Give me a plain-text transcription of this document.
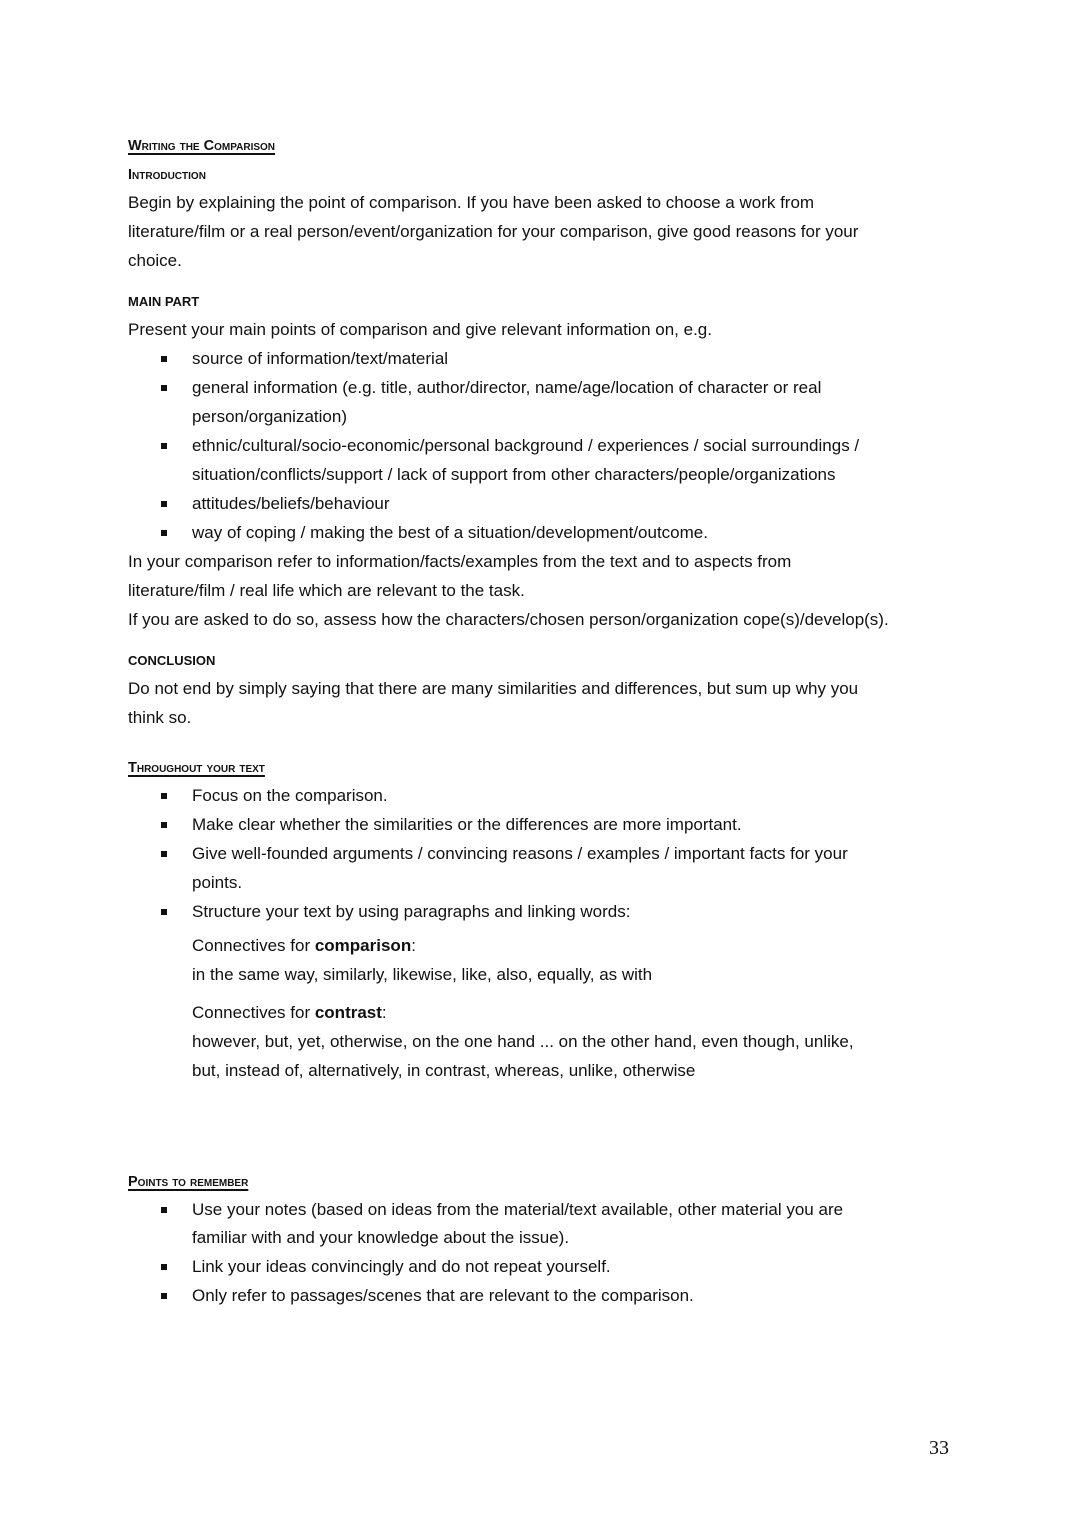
Writing the Comparison
Introduction
Begin by explaining the point of comparison. If you have been asked to choose a work from
literature/film or a real person/event/organization for your comparison, give good reasons for your
choice.
MAIN PART
Present your main points of comparison and give relevant information on, e.g.
source of information/text/material
general information (e.g. title, author/director, name/age/location of character or real
person/organization)
ethnic/cultural/socio-economic/personal background / experiences / social surroundings /
situation/conflicts/support / lack of support from other characters/people/organizations
attitudes/beliefs/behaviour
way of coping / making the best of a situation/development/outcome.
In your comparison refer to information/facts/examples from the text and to aspects from
literature/film / real life which are relevant to the task.
If you are asked to do so, assess how the characters/chosen person/organization cope(s)/develop(s).
CONCLUSION
Do not end by simply saying that there are many similarities and differences, but sum up why you
think so.
Throughout your text
Focus on the comparison.
Make clear whether the similarities or the differences are more important.
Give well-founded arguments / convincing reasons / examples / important facts for your
points.
Structure your text by using paragraphs and linking words:
Connectives for comparison:
in the same way, similarly, likewise, like, also, equally, as with
Connectives for contrast:
however, but, yet, otherwise, on the one hand ... on the other hand, even though, unlike,
but, instead of, alternatively, in contrast, whereas, unlike, otherwise
Points to remember
Use your notes (based on ideas from the material/text available, other material you are
familiar with and your knowledge about the issue).
Link your ideas convincingly and do not repeat yourself.
Only refer to passages/scenes that are relevant to the comparison.
33
